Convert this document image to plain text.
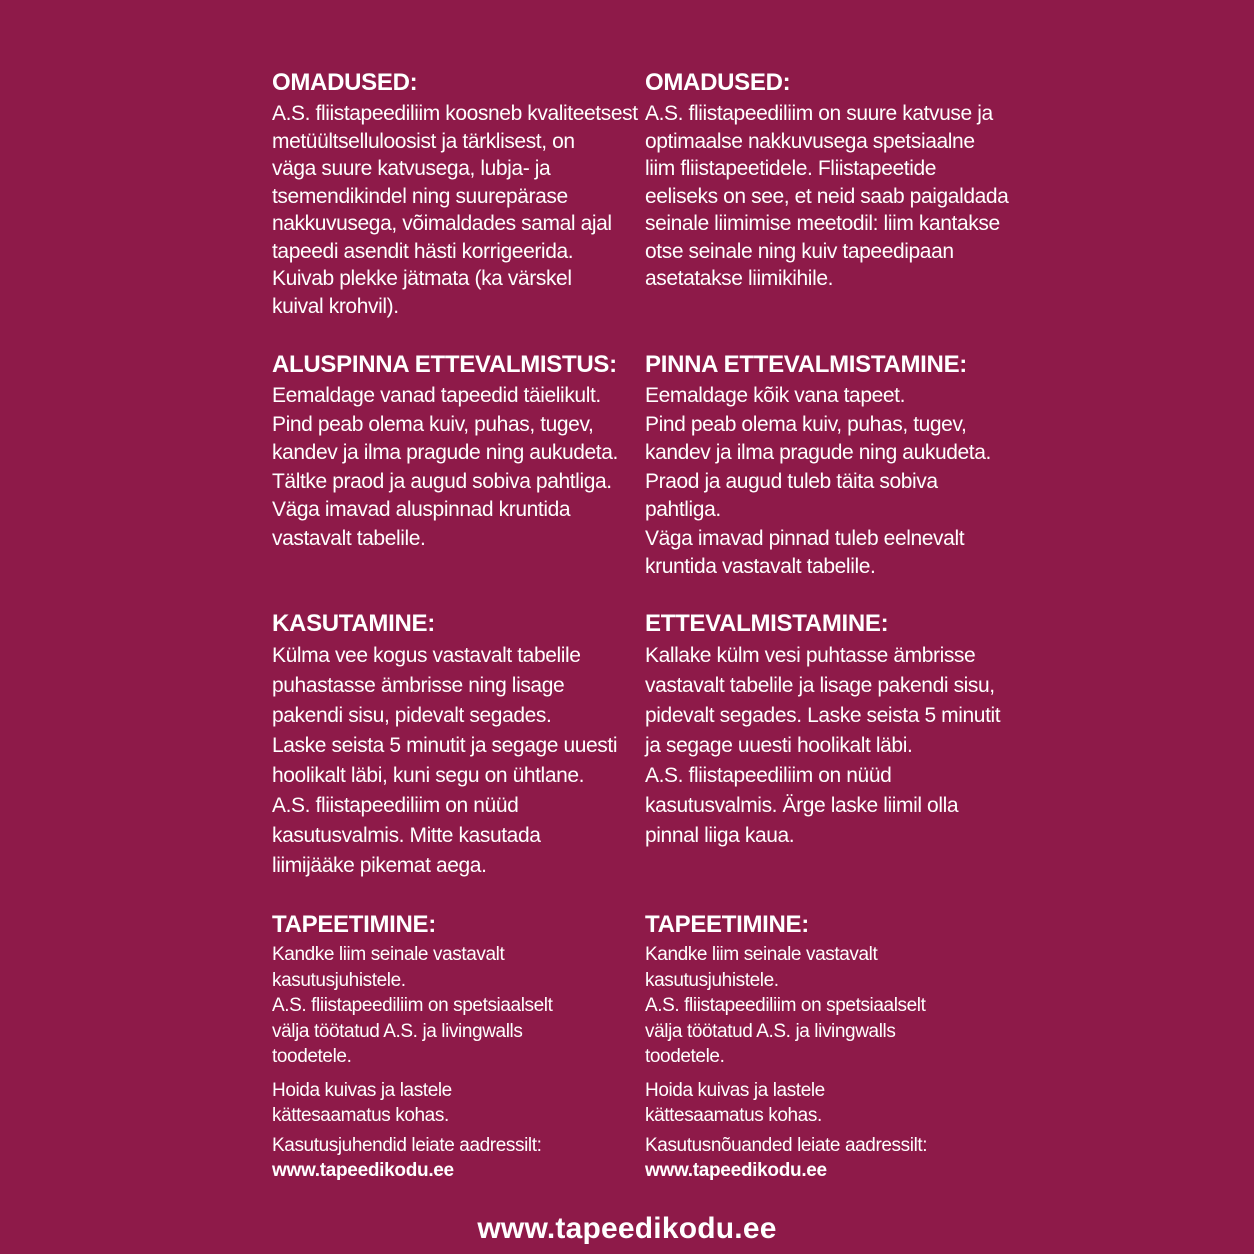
OMADUSED:
A.S. fliistapeediliim koosneb kvaliteetsest
metüültselluloosist ja tärklisest, on
väga suure katvusega, lubja- ja
tsemendikindel ning suurepärase
nakkuvusega, võimaldades samal ajal
tapeedi asendit hästi korrigeerida.
Kuivab plekke jätmata (ka värskel
kuival krohvil).
ALUSPINNA ETTEVALMISTUS:
Eemaldage vanad tapeedid täielikult.
Pind peab olema kuiv, puhas, tugev,
kandev ja ilma pragude ning aukudeta.
Tältke praod ja augud sobiva pahtliga.
Väga imavad aluspinnad kruntida
vastavalt tabelile.
KASUTAMINE:
Külma vee kogus vastavalt tabelile
puhastasse ämbrisse ning lisage
pakendi sisu, pidevalt segades.
Laske seista 5 minutit ja segage uuesti
hoolikalt läbi, kuni segu on ühtlane.
A.S. fliistapeediliim on nüüd
kasutusvalmis. Mitte kasutada
liimijääke pikemat aega.
TAPEETIMINE:
Kandke liim seinale vastavalt
kasutusjuhistele.
A.S. fliistapeediliim on spetsiaalselt
välja töötatud A.S. ja livingwalls
toodetele.
Hoida kuivas ja lastele
kättesaamatus kohas.
Kasutusjuhendid leiate aadressilt:
www.tapeedikodu.ee
OMADUSED:
A.S. fliistapeediliim on suure katvuse ja
optimaalse nakkuvusega spetsiaalne
liim fliistapeetidele. Fliistapeetide
eeliseks on see, et neid saab paigaldada
seinale liimimise meetodil: liim kantakse
otse seinale ning kuiv tapeedipaan
asetatakse liimikihile.
PINNA ETTEVALMISTAMINE:
Eemaldage kõik vana tapeet.
Pind peab olema kuiv, puhas, tugev,
kandev ja ilma pragude ning aukudeta.
Praod ja augud tuleb täita sobiva
pahtliga.
Väga imavad pinnad tuleb eelnevalt
kruntida vastavalt tabelile.
ETTEVALMISTAMINE:
Kallake külm vesi puhtasse ämbrisse
vastavalt tabelile ja lisage pakendi sisu,
pidevalt segades. Laske seista 5 minutit
ja segage uuesti hoolikalt läbi.
A.S. fliistapeediliim on nüüd
kasutusvalmis. Ärge laske liimil olla
pinnal liiga kaua.
TAPEETIMINE:
Kandke liim seinale vastavalt
kasutusjuhistele.
A.S. fliistapeediliim on spetsiaalselt
välja töötatud A.S. ja livingwalls
toodetele.
Hoida kuivas ja lastele
kättesaamatus kohas.
Kasutusnõuanded leiate aadressilt:
www.tapeedikodu.ee
www.tapeedikodu.ee
